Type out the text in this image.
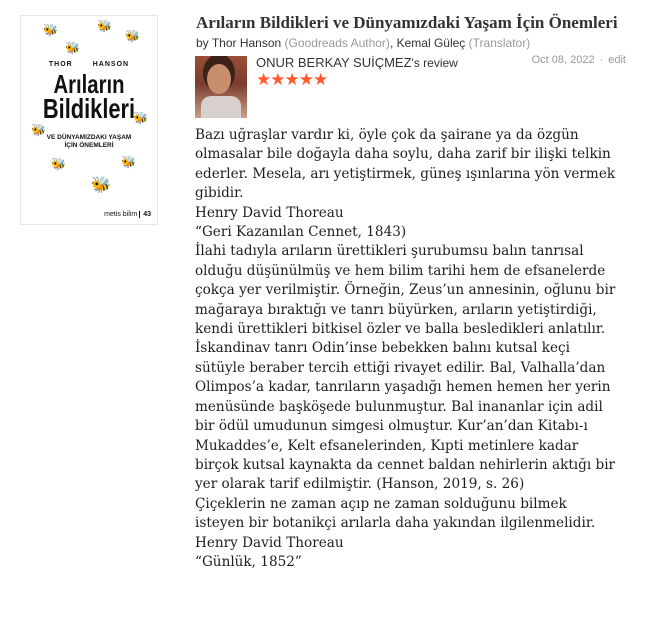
🐝	🐝
🐝
🐝
🐝
🐝
🐝	🐝
🐝
THOR	HANSON
Arıların
Bildikleri
VE DÜNYAMIZDAKI YAŞAM
İÇİN ÖNEMLERİ
metis bilim 43
Arıların Bildikleri ve Dünyamızdaki Yaşam İçin Önemleri
by Thor Hanson (Goodreads Author), Kemal Güleç (Translator)
ONUR BERKAY SUİÇMEZ's review
★★★★★
Oct 08, 2022 · edit

Bazı uğraşlar vardır ki, öyle çok da şairane ya da özgün

olmasalar bile doğayla daha soylu, daha zarif bir ilişki telkin

ederler. Mesela, arı yetiştirmek, güneş ışınlarına yön vermek

gibidir.

Henry David Thoreau

“Geri Kazanılan Cennet, 1843)

İlahi tadıyla arıların ürettikleri şurubumsu balın tanrısal

olduğu düşünülmüş ve hem bilim tarihi hem de efsanelerde

çokça yer verilmiştir. Örneğin, Zeus’un annesinin, oğlunu bir

mağaraya bıraktığı ve tanrı büyürken, arıların yetiştirdiği,

kendi ürettikleri bitkisel özler ve balla besledikleri anlatılır.

İskandinav tanrı Odin’inse bebekken balını kutsal keçi

sütüyle beraber tercih ettiği rivayet edilir. Bal, Valhalla’dan

Olimpos’a kadar, tanrıların yaşadığı hemen hemen her yerin

menüsünde başköşede bulunmuştur. Bal inananlar için adil

bir ödül umudunun simgesi olmuştur. Kur’an’dan Kitabı-ı

Mukaddes’e, Kelt efsanelerinden, Kıpti metinlere kadar

birçok kutsal kaynakta da cennet baldan nehirlerin aktığı bir

yer olarak tarif edilmiştir. (Hanson, 2019, s. 26)

Çiçeklerin ne zaman açıp ne zaman solduğunu bilmek

isteyen bir botanikçi arılarla daha yakından ilgilenmelidir.

Henry David Thoreau

“Günlük, 1852”
